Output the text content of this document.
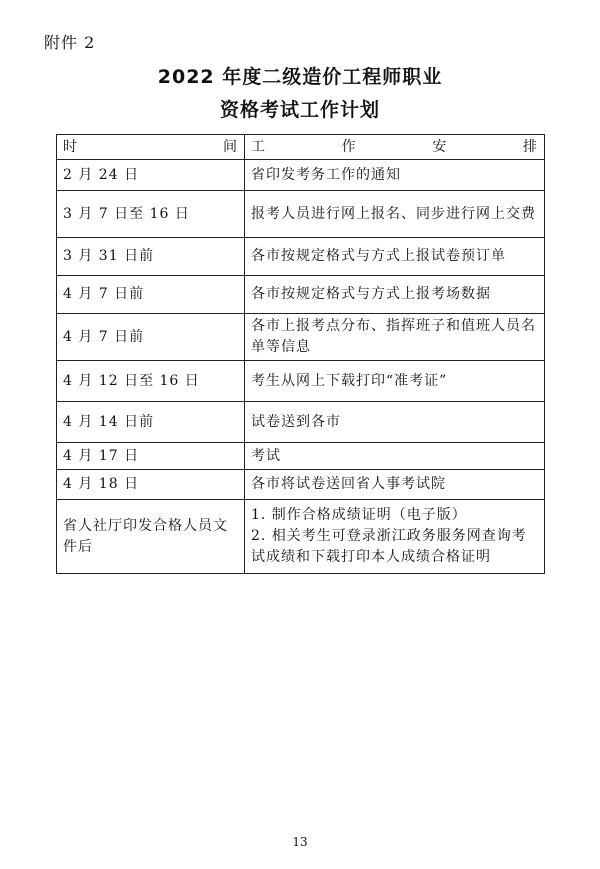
附件 2
2022 年度二级造价工程师职业
资格考试工作计划
时 间	工 作 安 排
2 月 24 日	省印发考务工作的通知
3 月 7 日至 16 日	报考人员进行网上报名、同步进行网上交费
3 月 31 日前	各市按规定格式与方式上报试卷预订单
4 月 7 日前	各市按规定格式与方式上报考场数据
4 月 7 日前	各市上报考点分布、指挥班子和值班人员名单等信息
4 月 12 日至 16 日	考生从网上下载打印“准考证”
4 月 14 日前	试卷送到各市
4 月 17 日	考试
4 月 18 日	各市将试卷送回省人事考试院
省人社厅印发合格人员文件后	1. 制作合格成绩证明（电子版）
2. 相关考生可登录浙江政务服务网查询考试成绩和下载打印本人成绩合格证明
13
